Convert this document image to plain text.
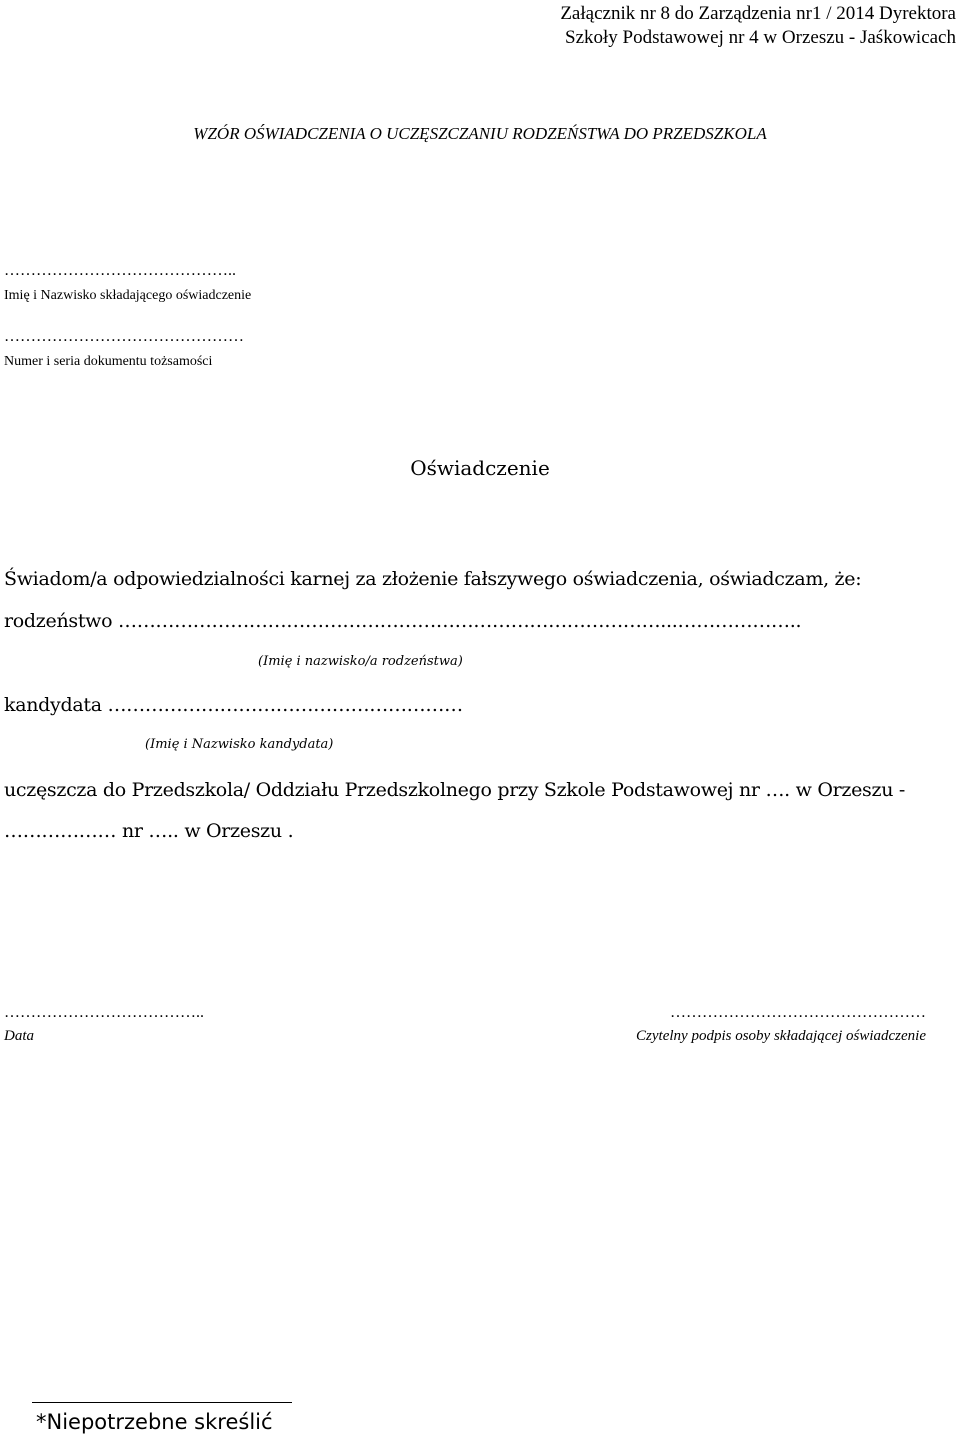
Załącznik nr 8 do Zarządzenia nr1 / 2014 Dyrektora
Szkoły Podstawowej nr 4 w Orzeszu - Jaśkowicach
WZÓR OŚWIADCZENIA O UCZĘSZCZANIU RODZEŃSTWA DO PRZEDSZKOLA
……………………………………..
Imię i Nazwisko składającego oświadczenie
………………………………………
Numer i seria dokumentu tożsamości
Oświadczenie
Świadom/a odpowiedzialności karnej za złożenie fałszywego oświadczenia, oświadczam, że:
rodzeństwo ……………………………………………………………………………...………………..
(Imię i nazwisko/a rodzeństwa)
kandydata …………………………………………………
(Imię i Nazwisko kandydata)
uczęszcza do Przedszkola/ Oddziału Przedszkolnego przy Szkole Podstawowej nr …. w Orzeszu -
……………… nr ….. w Orzeszu .
………………………………..
Data
…………………………………………
Czytelny podpis osoby składającej oświadczenie
*Niepotrzebne skreślić
